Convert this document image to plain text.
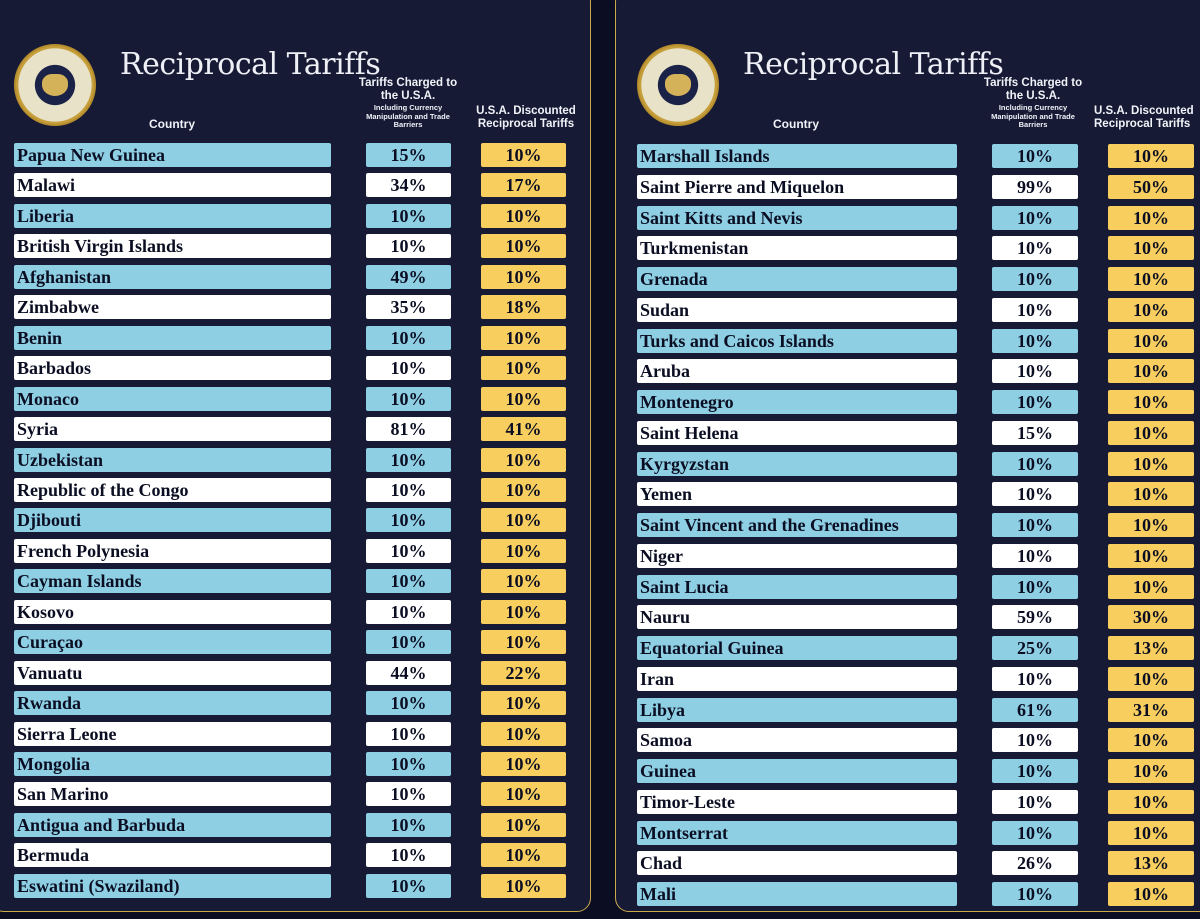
Reciprocal Tariffs
Country
Tariffs Charged to the U.S.A.
Including Currency Manipulation and Trade Barriers
U.S.A. Discounted Reciprocal Tariffs
Papua New Guinea	15%	10%
Malawi	34%	17%
Liberia	10%	10%
British Virgin Islands	10%	10%
Afghanistan	49%	10%
Zimbabwe	35%	18%
Benin	10%	10%
Barbados	10%	10%
Monaco	10%	10%
Syria	81%	41%
Uzbekistan	10%	10%
Republic of the Congo	10%	10%
Djibouti	10%	10%
French Polynesia	10%	10%
Cayman Islands	10%	10%
Kosovo	10%	10%
Curaçao	10%	10%
Vanuatu	44%	22%
Rwanda	10%	10%
Sierra Leone	10%	10%
Mongolia	10%	10%
San Marino	10%	10%
Antigua and Barbuda	10%	10%
Bermuda	10%	10%
Eswatini (Swaziland)	10%	10%
Reciprocal Tariffs
Country
Tariffs Charged to the U.S.A.
Including Currency Manipulation and Trade Barriers
U.S.A. Discounted Reciprocal Tariffs
Marshall Islands	10%	10%
Saint Pierre and Miquelon	99%	50%
Saint Kitts and Nevis	10%	10%
Turkmenistan	10%	10%
Grenada	10%	10%
Sudan	10%	10%
Turks and Caicos Islands	10%	10%
Aruba	10%	10%
Montenegro	10%	10%
Saint Helena	15%	10%
Kyrgyzstan	10%	10%
Yemen	10%	10%
Saint Vincent and the Grenadines	10%	10%
Niger	10%	10%
Saint Lucia	10%	10%
Nauru	59%	30%
Equatorial Guinea	25%	13%
Iran	10%	10%
Libya	61%	31%
Samoa	10%	10%
Guinea	10%	10%
Timor-Leste	10%	10%
Montserrat	10%	10%
Chad	26%	13%
Mali	10%	10%
